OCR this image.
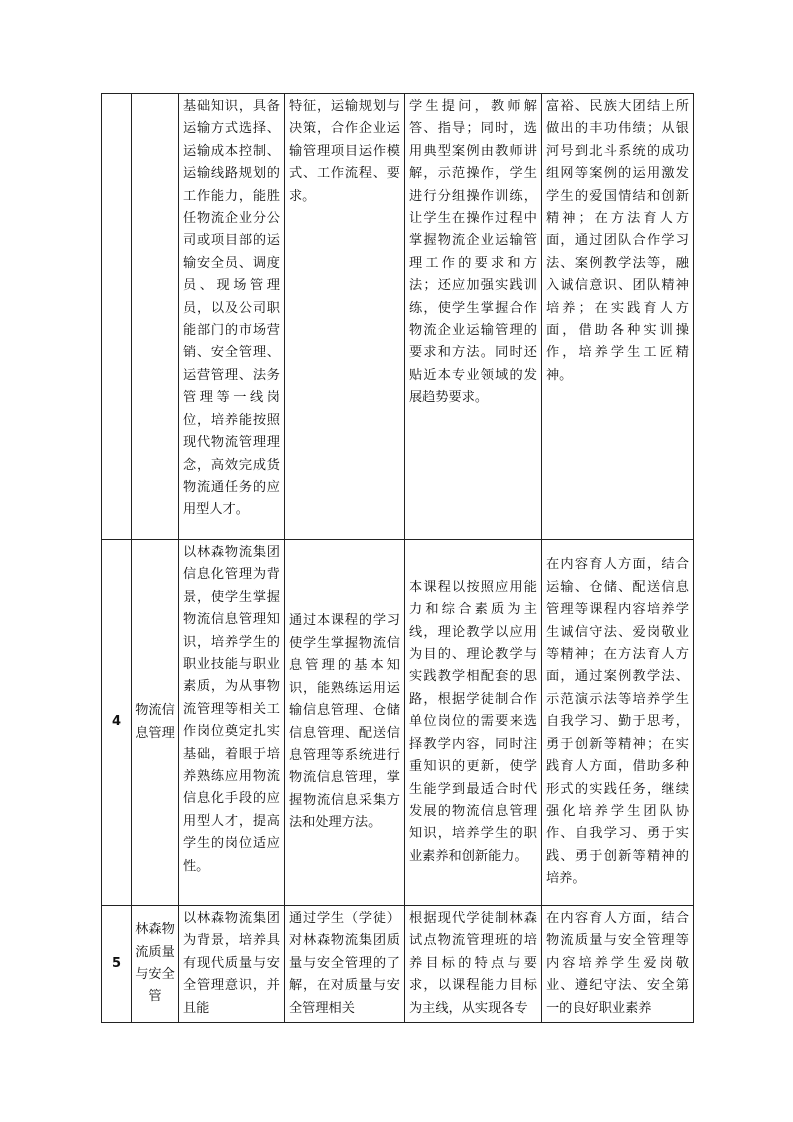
		基础知识，具备运输方式选择、运输成本控制、运输线路规划的工作能力，能胜任物流企业分公司或项目部的运输安全员、调度员、现场管理员，以及公司职能部门的市场营销、安全管理、运营管理、法务管理等一线岗位，培养能按照现代物流管理理念，高效完成货物流通任务的应用型人才。	特征，运输规划与决策，合作企业运输管理项目运作模式、工作流程、要求。	学生提问，教师解答、指导；同时，选用典型案例由教师讲解，示范操作，学生进行分组操作训练，让学生在操作过程中掌握物流企业运输管理工作的要求和方法；还应加强实践训练，使学生掌握合作物流企业运输管理的要求和方法。同时还贴近本专业领域的发展趋势要求。	富裕、民族大团结上所做出的丰功伟绩；从银河号到北斗系统的成功组网等案例的运用激发学生的爱国情结和创新精神；在方法育人方面，通过团队合作学习法、案例教学法等，融入诚信意识、团队精神培养；在实践育人方面，借助各种实训操作，培养学生工匠精神。

4	物流信息管理	以林森物流集团信息化管理为背景，使学生掌握物流信息管理知识，培养学生的职业技能与职业素质，为从事物流管理等相关工作岗位奠定扎实基础，着眼于培养熟练应用物流信息化手段的应用型人才，提高学生的岗位适应性。	通过本课程的学习使学生掌握物流信息管理的基本知识，能熟练运用运输信息管理、仓储信息管理、配送信息管理等系统进行物流信息管理，掌握物流信息采集方法和处理方法。	本课程以按照应用能力和综合素质为主线，理论教学以应用为目的、理论教学与实践教学相配套的思路，根据学徒制合作单位岗位的需要来选择教学内容，同时注重知识的更新，使学生能学到最适合时代发展的物流信息管理知识，培养学生的职业素养和创新能力。	在内容育人方面，结合运输、仓储、配送信息管理等课程内容培养学生诚信守法、爱岗敬业等精神；在方法育人方面，通过案例教学法、示范演示法等培养学生自我学习、勤于思考，勇于创新等精神；在实践育人方面，借助多种形式的实践任务，继续强化培养学生团队协作、自我学习、勇于实践、勇于创新等精神的培养。

5	林森物流质量与安全管	以林森物流集团为背景，培养具有现代质量与安全管理意识，并且能	通过学生（学徒）对林森物流集团质量与安全管理的了解，在对质量与安全管理相关	根据现代学徒制林森试点物流管理班的培养目标的特点与要求，以课程能力目标为主线，从实现各专	在内容育人方面，结合物流质量与安全管理等内容培养学生爱岗敬业、遵纪守法、安全第一的良好职业素养
